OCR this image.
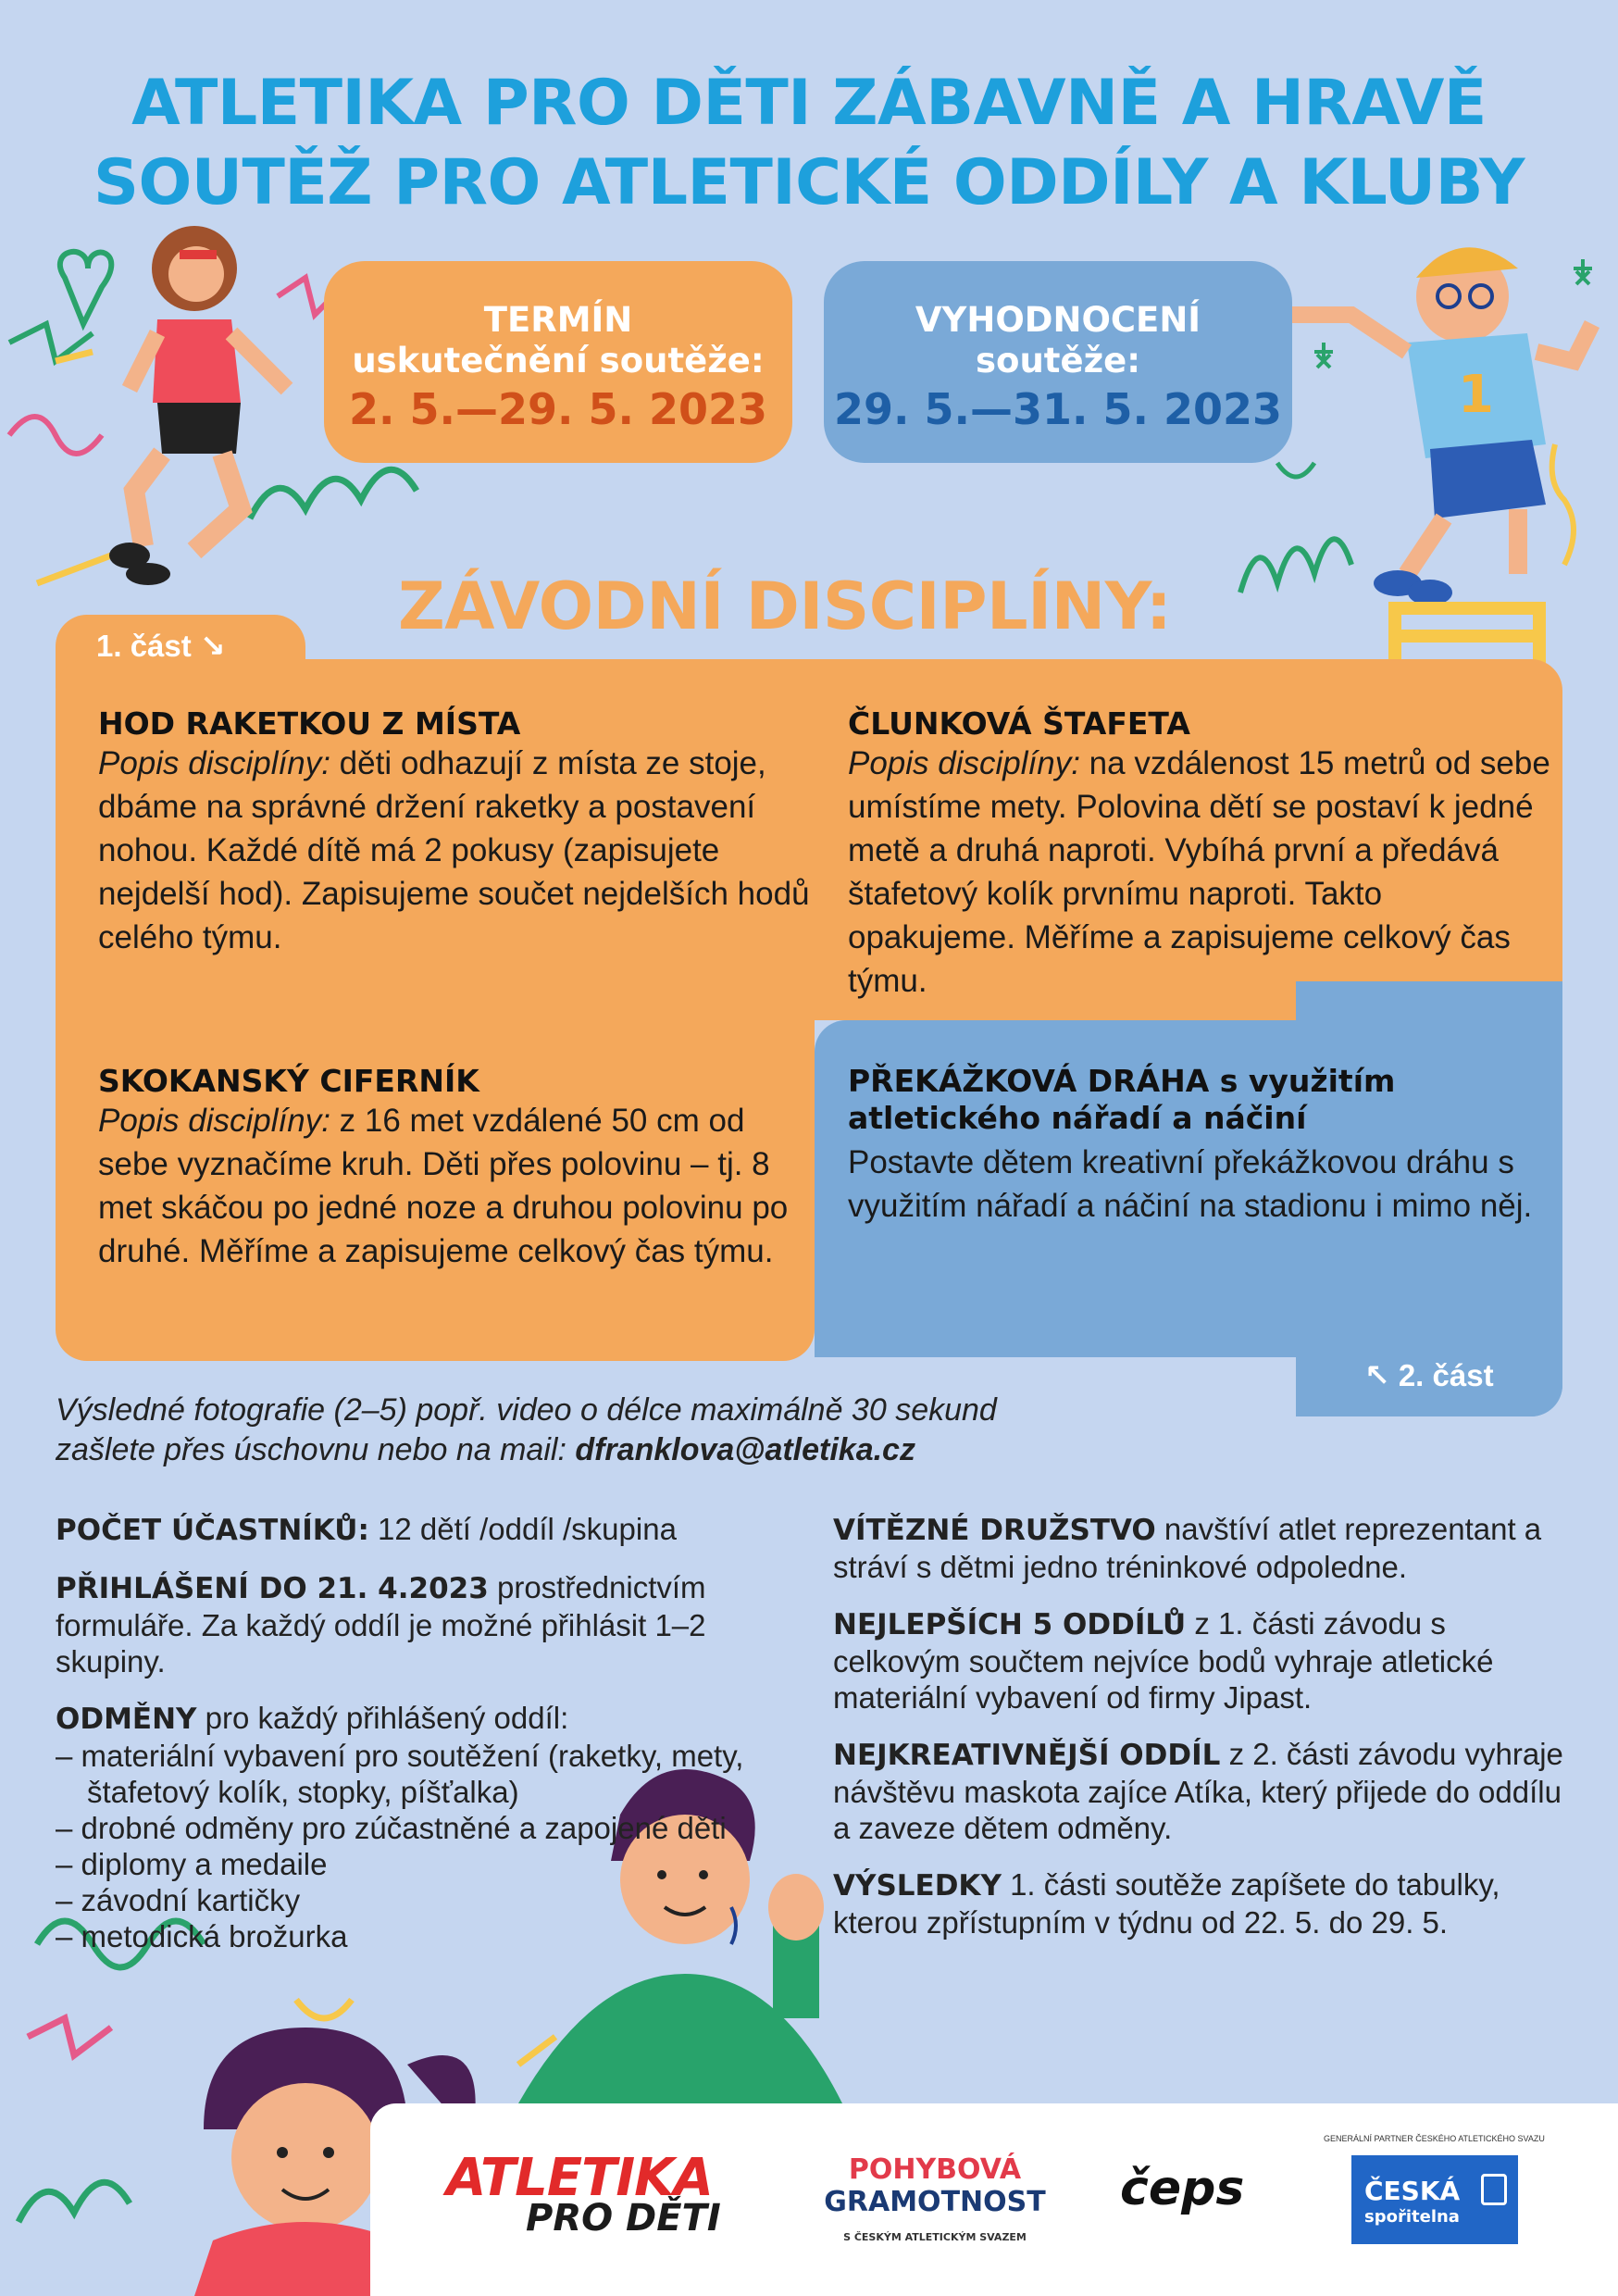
1
ATLETIKA PRO DĚTI ZÁBAVNĚ A HRAVĚ
SOUTĚŽ PRO ATLETICKÉ ODDÍLY A KLUBY
TERMÍN
uskutečnění soutěže:
2. 5.—29. 5. 2023
VYHODNOCENÍ
soutěže:
29. 5.—31. 5. 2023
ZÁVODNÍ DISCIPLÍNY:
1. část ↘
↖ 2. část
HOD RAKETKOU Z MÍSTA
Popis disciplíny: děti odhazují z místa ze stoje, dbáme na správné držení raketky a postavení nohou. Každé dítě má 2 pokusy (zapisujete nejdelší hod). Zapisujeme součet nejdelších hodů celého týmu.
ČLUNKOVÁ ŠTAFETA
Popis disciplíny: na vzdálenost 15 metrů od sebe umístíme mety. Polovina dětí se postaví k jedné metě a druhá naproti. Vybíhá první a předává štafetový kolík prvnímu naproti. Takto opakujeme. Měříme a zapisujeme celkový čas týmu.
SKOKANSKÝ CIFERNÍK
Popis disciplíny: z 16 met vzdálené 50 cm od sebe vyznačíme kruh. Děti přes polovinu – tj. 8 met skáčou po jedné noze a druhou polovinu po druhé. Měříme a zapisujeme celkový čas týmu.
PŘEKÁŽKOVÁ DRÁHA s využitím atletického nářadí a náčiní
Postavte dětem kreativní překážkovou dráhu s využitím nářadí a náčiní na stadionu i mimo něj.
Výsledné fotografie (2–5) popř. video o délce maximálně 30 sekund
zašlete přes úschovnu nebo na mail: dfranklova@atletika.cz
POČET ÚČASTNÍKŮ: 12 dětí /oddíl /skupina
PŘIHLÁŠENÍ DO 21. 4.2023 prostřednictvím formuláře. Za každý oddíl je možné přihlásit 1–2 skupiny.
ODMĚNY pro každý přihlášený oddíl:
– materiální vybavení pro soutěžení (raketky, mety, štafetový kolík, stopky, píšťalka)
– drobné odměny pro zúčastněné a zapojené děti
– diplomy a medaile
– závodní kartičky
– metodická brožurka
VÍTĚZNÉ DRUŽSTVO navštíví atlet reprezentant a stráví s dětmi jedno tréninkové odpoledne.
NEJLEPŠÍCH 5 ODDÍLŮ z 1. části závodu s celkovým součtem nejvíce bodů vyhraje atletické materiální vybavení od firmy Jipast.
NEJKREATIVNĚJŠÍ ODDÍL z 2. části závodu vyhraje návštěvu maskota zajíce Atíka, který přijede do oddílu a zaveze dětem odměny.
VÝSLEDKY 1. části soutěže zapíšete do tabulky, kterou zpřístupním v týdnu od 22. 5. do 29. 5.
ATLETIKA
PRO DĚTI
POHYBOVÁ
GRAMOTNOST
S ČESKÝM ATLETICKÝM SVAZEM
čeps
GENERÁLNÍ PARTNER ČESKÉHO ATLETICKÉHO SVAZU
ČESKÁ
spořitelna
